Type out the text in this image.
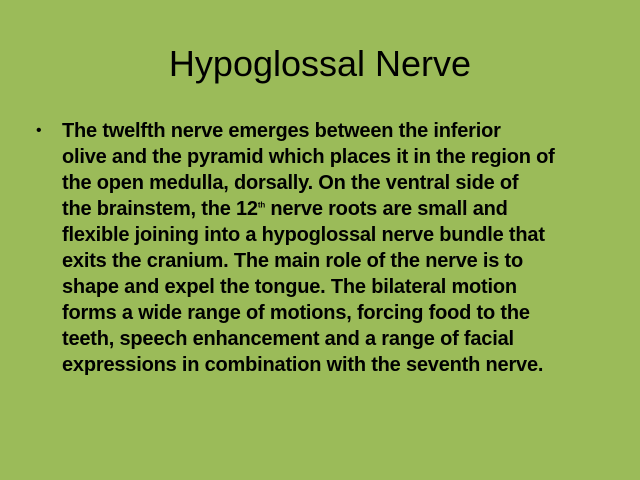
Hypoglossal Nerve
•	The twelfth nerve emerges between the inferior
olive and the pyramid which places it in the region of
the open medulla, dorsally. On the ventral side of
the brainstem, the 12th nerve roots are small and
flexible joining into a hypoglossal nerve bundle that
exits the cranium. The main role of the nerve is to
shape and expel the tongue. The bilateral motion
forms a wide range of motions, forcing food to the
teeth, speech enhancement and a range of facial
expressions in combination with the seventh nerve.
